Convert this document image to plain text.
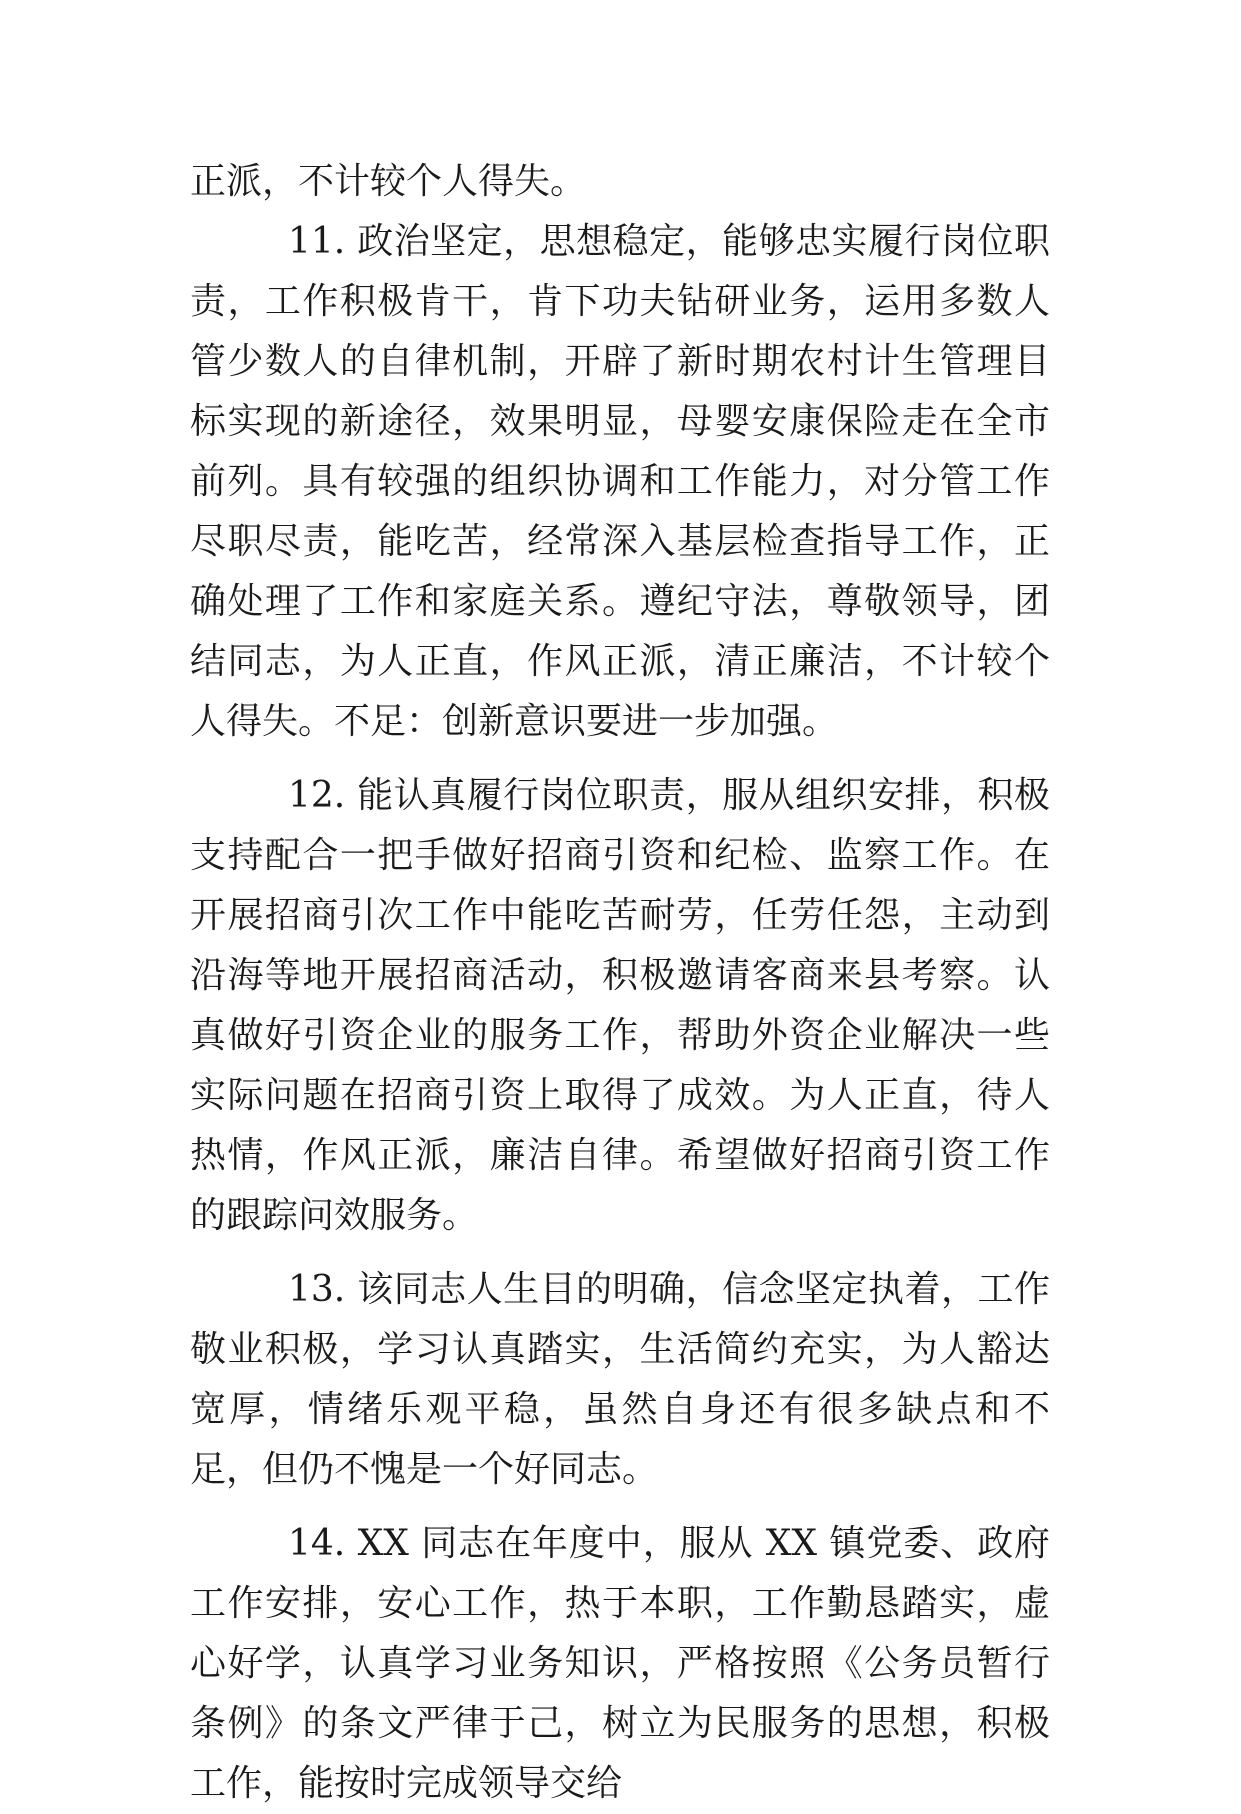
正派，不计较个人得失。

11. 政治坚定，思想稳定，能够忠实履行岗位职责，工作积极肯干，肯下功夫钻研业务，运用多数人管少数人的自律机制，开辟了新时期农村计生管理目标实现的新途径，效果明显，母婴安康保险走在全市前列。具有较强的组织协调和工作能力，对分管工作尽职尽责，能吃苦，经常深入基层检查指导工作，正确处理了工作和家庭关系。遵纪守法，尊敬领导，团结同志，为人正直，作风正派，清正廉洁，不计较个人得失。不足：创新意识要进一步加强。

12. 能认真履行岗位职责，服从组织安排，积极支持配合一把手做好招商引资和纪检、监察工作。在开展招商引次工作中能吃苦耐劳，任劳任怨，主动到沿海等地开展招商活动，积极邀请客商来县考察。认真做好引资企业的服务工作，帮助外资企业解决一些实际问题在招商引资上取得了成效。为人正直，待人热情，作风正派，廉洁自律。希望做好招商引资工作的跟踪问效服务。

13. 该同志人生目的明确，信念坚定执着，工作敬业积极，学习认真踏实，生活简约充实，为人豁达宽厚，情绪乐观平稳，虽然自身还有很多缺点和不足，但仍不愧是一个好同志。

14. XX 同志在年度中，服从 XX 镇党委、政府工作安排，安心工作，热于本职，工作勤恳踏实，虚心好学，认真学习业务知识，严格按照《公务员暂行条例》的条文严律于己，树立为民服务的思想，积极工作，能按时完成领导交给
